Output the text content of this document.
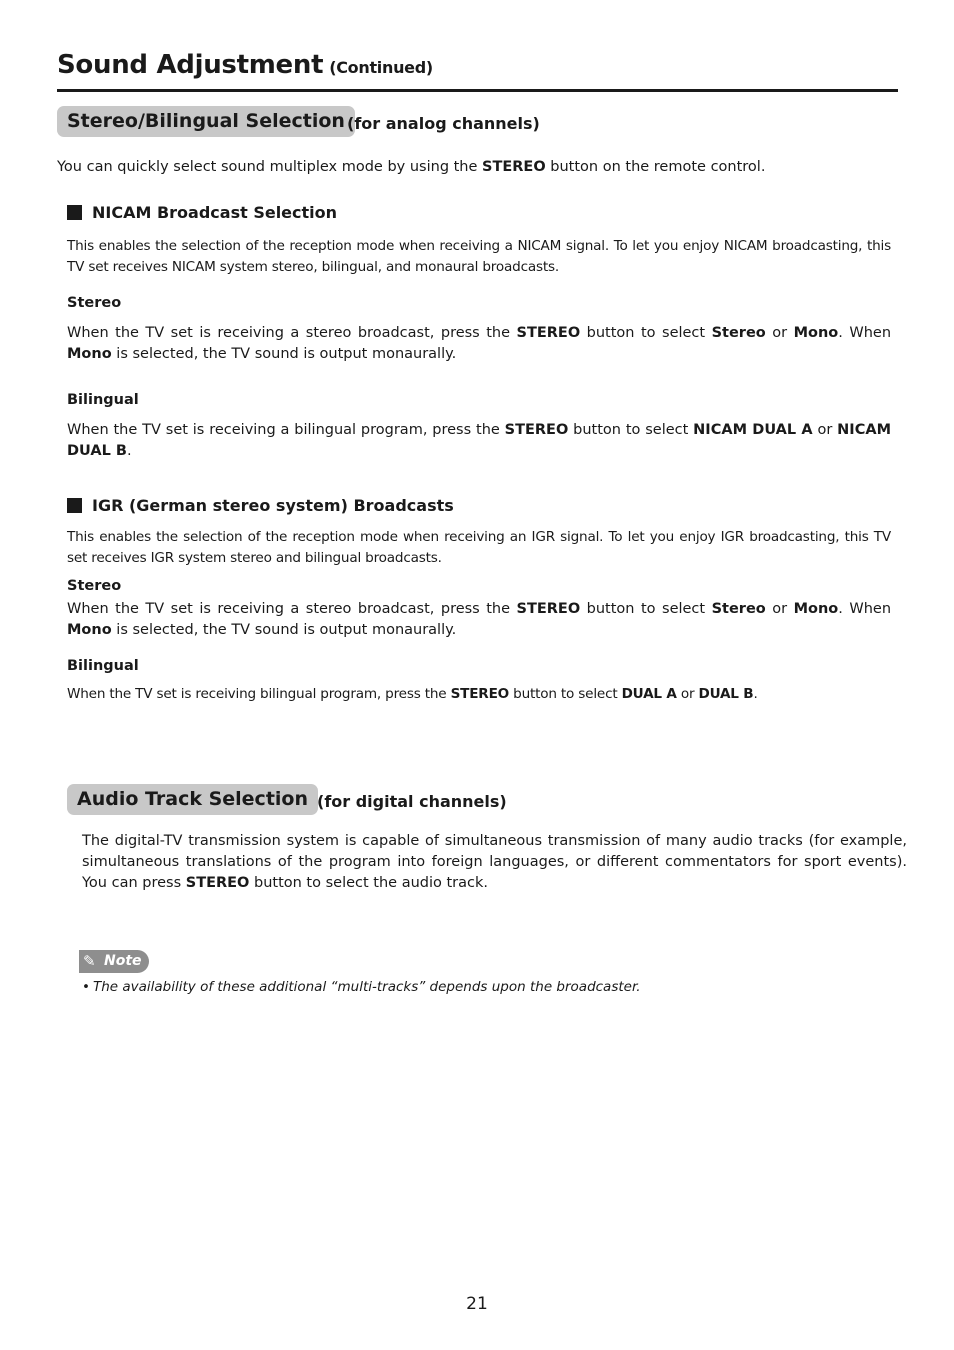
Sound Adjustment (Continued)
Stereo/Bilingual Selection (for analog channels)
You can quickly select sound multiplex mode by using the STEREO button on the remote control.
NICAM Broadcast Selection
This enables the selection of the reception mode when receiving a NICAM signal. To let you enjoy NICAM broadcasting, this TV set receives NICAM system stereo, bilingual, and monaural broadcasts.
Stereo
When the TV set is receiving a stereo broadcast, press the STEREO button to select Stereo or Mono. When Mono is selected, the TV sound is output monaurally.
Bilingual
When the TV set is receiving a bilingual program, press the STEREO button to select NICAM DUAL A or NICAM DUAL B.
IGR (German stereo system) Broadcasts
This enables the selection of the reception mode when receiving an IGR signal. To let you enjoy IGR broadcasting, this TV set receives IGR system stereo and bilingual broadcasts.
Stereo
When the TV set is receiving a stereo broadcast, press the STEREO button to select Stereo or Mono. When Mono is selected, the TV sound is output monaurally.
Bilingual
When the TV set is receiving bilingual program, press the STEREO button to select DUAL A or DUAL B.
Audio Track Selection (for digital channels)
The digital-TV transmission system is capable of simultaneous transmission of many audio tracks (for example, simultaneous translations of the program into foreign languages, or different commentators for sport events). You can press STEREO button to select the audio track.
✎ Note
• The availability of these additional “multi-tracks” depends upon the broadcaster.
21
